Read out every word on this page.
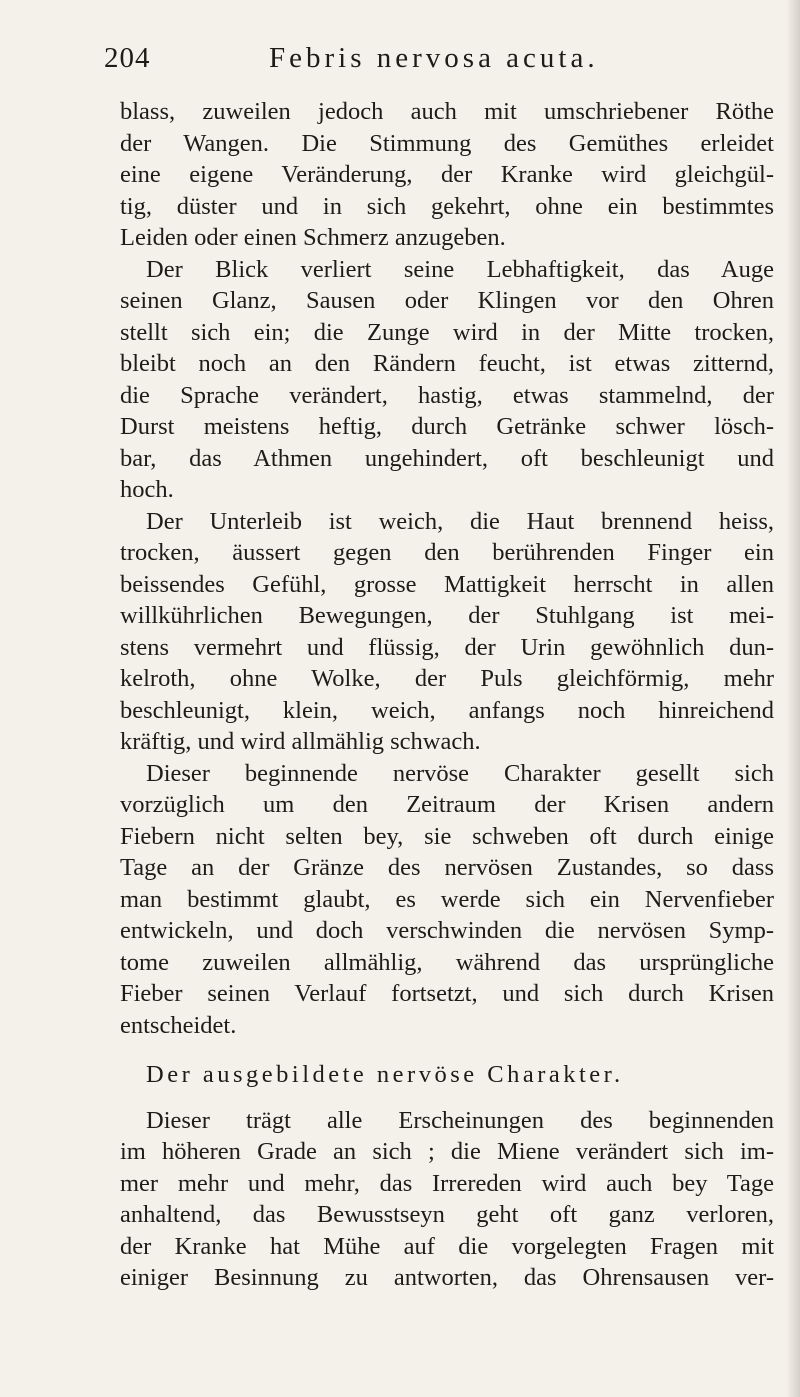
204	Febris nervosa acuta.
blass, zuweilen jedoch auch mit umschriebener Röthe
der Wangen. Die Stimmung des Gemüthes erleidet
eine eigene Veränderung, der Kranke wird gleichgül-
tig, düster und in sich gekehrt, ohne ein bestimmtes
Leiden oder einen Schmerz anzugeben.
Der Blick verliert seine Lebhaftigkeit, das Auge
seinen Glanz, Sausen oder Klingen vor den Ohren
stellt sich ein; die Zunge wird in der Mitte trocken,
bleibt noch an den Rändern feucht, ist etwas zitternd,
die Sprache verändert, hastig, etwas stammelnd, der
Durst meistens heftig, durch Getränke schwer lösch-
bar, das Athmen ungehindert, oft beschleunigt und
hoch.
Der Unterleib ist weich, die Haut brennend heiss,
trocken, äussert gegen den berührenden Finger ein
beissendes Gefühl, grosse Mattigkeit herrscht in allen
willkührlichen Bewegungen, der Stuhlgang ist mei-
stens vermehrt und flüssig, der Urin gewöhnlich dun-
kelroth, ohne Wolke, der Puls gleichförmig, mehr
beschleunigt, klein, weich, anfangs noch hinreichend
kräftig, und wird allmählig schwach.
Dieser beginnende nervöse Charakter gesellt sich
vorzüglich um den Zeitraum der Krisen andern
Fiebern nicht selten bey, sie schweben oft durch einige
Tage an der Gränze des nervösen Zustandes, so dass
man bestimmt glaubt, es werde sich ein Nervenfieber
entwickeln, und doch verschwinden die nervösen Symp-
tome zuweilen allmählig, während das ursprüngliche
Fieber seinen Verlauf fortsetzt, und sich durch Krisen
entscheidet.
Der ausgebildete nervöse Charakter.
Dieser trägt alle Erscheinungen des beginnenden
im höheren Grade an sich ; die Miene verändert sich im-
mer mehr und mehr, das Irrereden wird auch bey Tage
anhaltend, das Bewusstseyn geht oft ganz verloren,
der Kranke hat Mühe auf die vorgelegten Fragen mit
einiger Besinnung zu antworten, das Ohrensausen ver-
